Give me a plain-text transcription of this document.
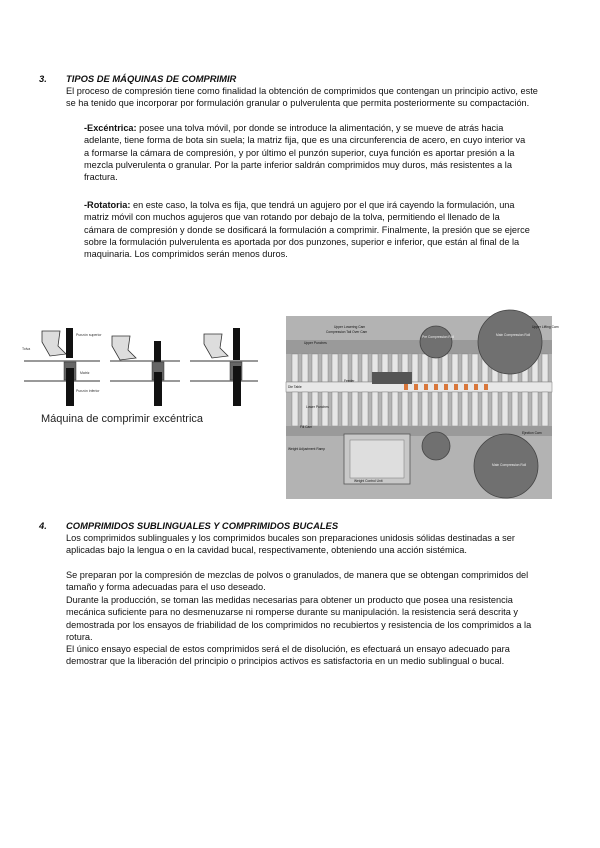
3. TIPOS DE MÁQUINAS DE COMPRIMIR

El proceso de compresión tiene como finalidad la obtención de comprimidos que contengan un principio activo, este se ha tenido que incorporar por formulación granular o pulverulenta que permita posteriormente su compactación.

-Excéntrica: posee una tolva móvil, por donde se introduce la alimentación, y se mueve de atrás hacia adelante, tiene forma de bota sin suela; la matriz fija, que es una circunferencia de acero, en cuyo interior va a formarse la cámara de compresión, y por último el punzón superior, cuya función es aportar presión a la mezcla pulverulenta o granular. Por la parte inferior saldrán comprimidos muy duros, más resistentes a la fractura.

-Rotatoria: en este caso, la tolva es fija, que tendrá un agujero por el que irá cayendo la formulación, una matriz móvil con muchos agujeros que van rotando por debajo de la tolva, permitiendo el llenado de la cámara de compresión y donde se dosificará la formulación a comprimir. Finalmente, la presión que se ejerce sobre la formulación pulverulenta es aportada por dos punzones, superior e inferior, que están al final de la maquinaria. Los comprimidos serán menos duros.

Punzón superior
Tolva
Matriz
Punzón inferior
Máquina de comprimir excéntrica
Upper Lowering Cam
Compression Tail Over Cam
Upper Punches
Pre Compression Roll	Main Compression Roll
Upper Lifting Cam
Feeder
Die Table
Lower Punches
Fill Cam
Weight Adjustment Ramp
Weight Control Unit
Ejection Cam
Main Compression Roll
4. COMPRIMIDOS SUBLINGUALES Y COMPRIMIDOS BUCALES

Los comprimidos sublinguales y los comprimidos bucales son preparaciones unidosis sólidas destinadas a ser aplicadas bajo la lengua o en la cavidad bucal, respectivamente, obteniendo una acción sistémica.

Se preparan por la compresión de mezclas de polvos o granulados, de manera que se obtengan comprimidos del tamaño y forma adecuadas para el uso deseado.

Durante la producción, se toman las medidas necesarias para obtener un producto que posea una resistencia mecánica suficiente para no desmenuzarse ni romperse durante su manipulación. la resistencia será descrita y demostrada por los ensayos de friabilidad de los comprimidos no recubiertos y resistencia de los comprimidos a la rotura.

El único ensayo especial de estos comprimidos será el de disolución, es efectuará un ensayo adecuado para demostrar que la liberación del principio o principios activos es satisfactoria en un medio sublingual o bucal.
